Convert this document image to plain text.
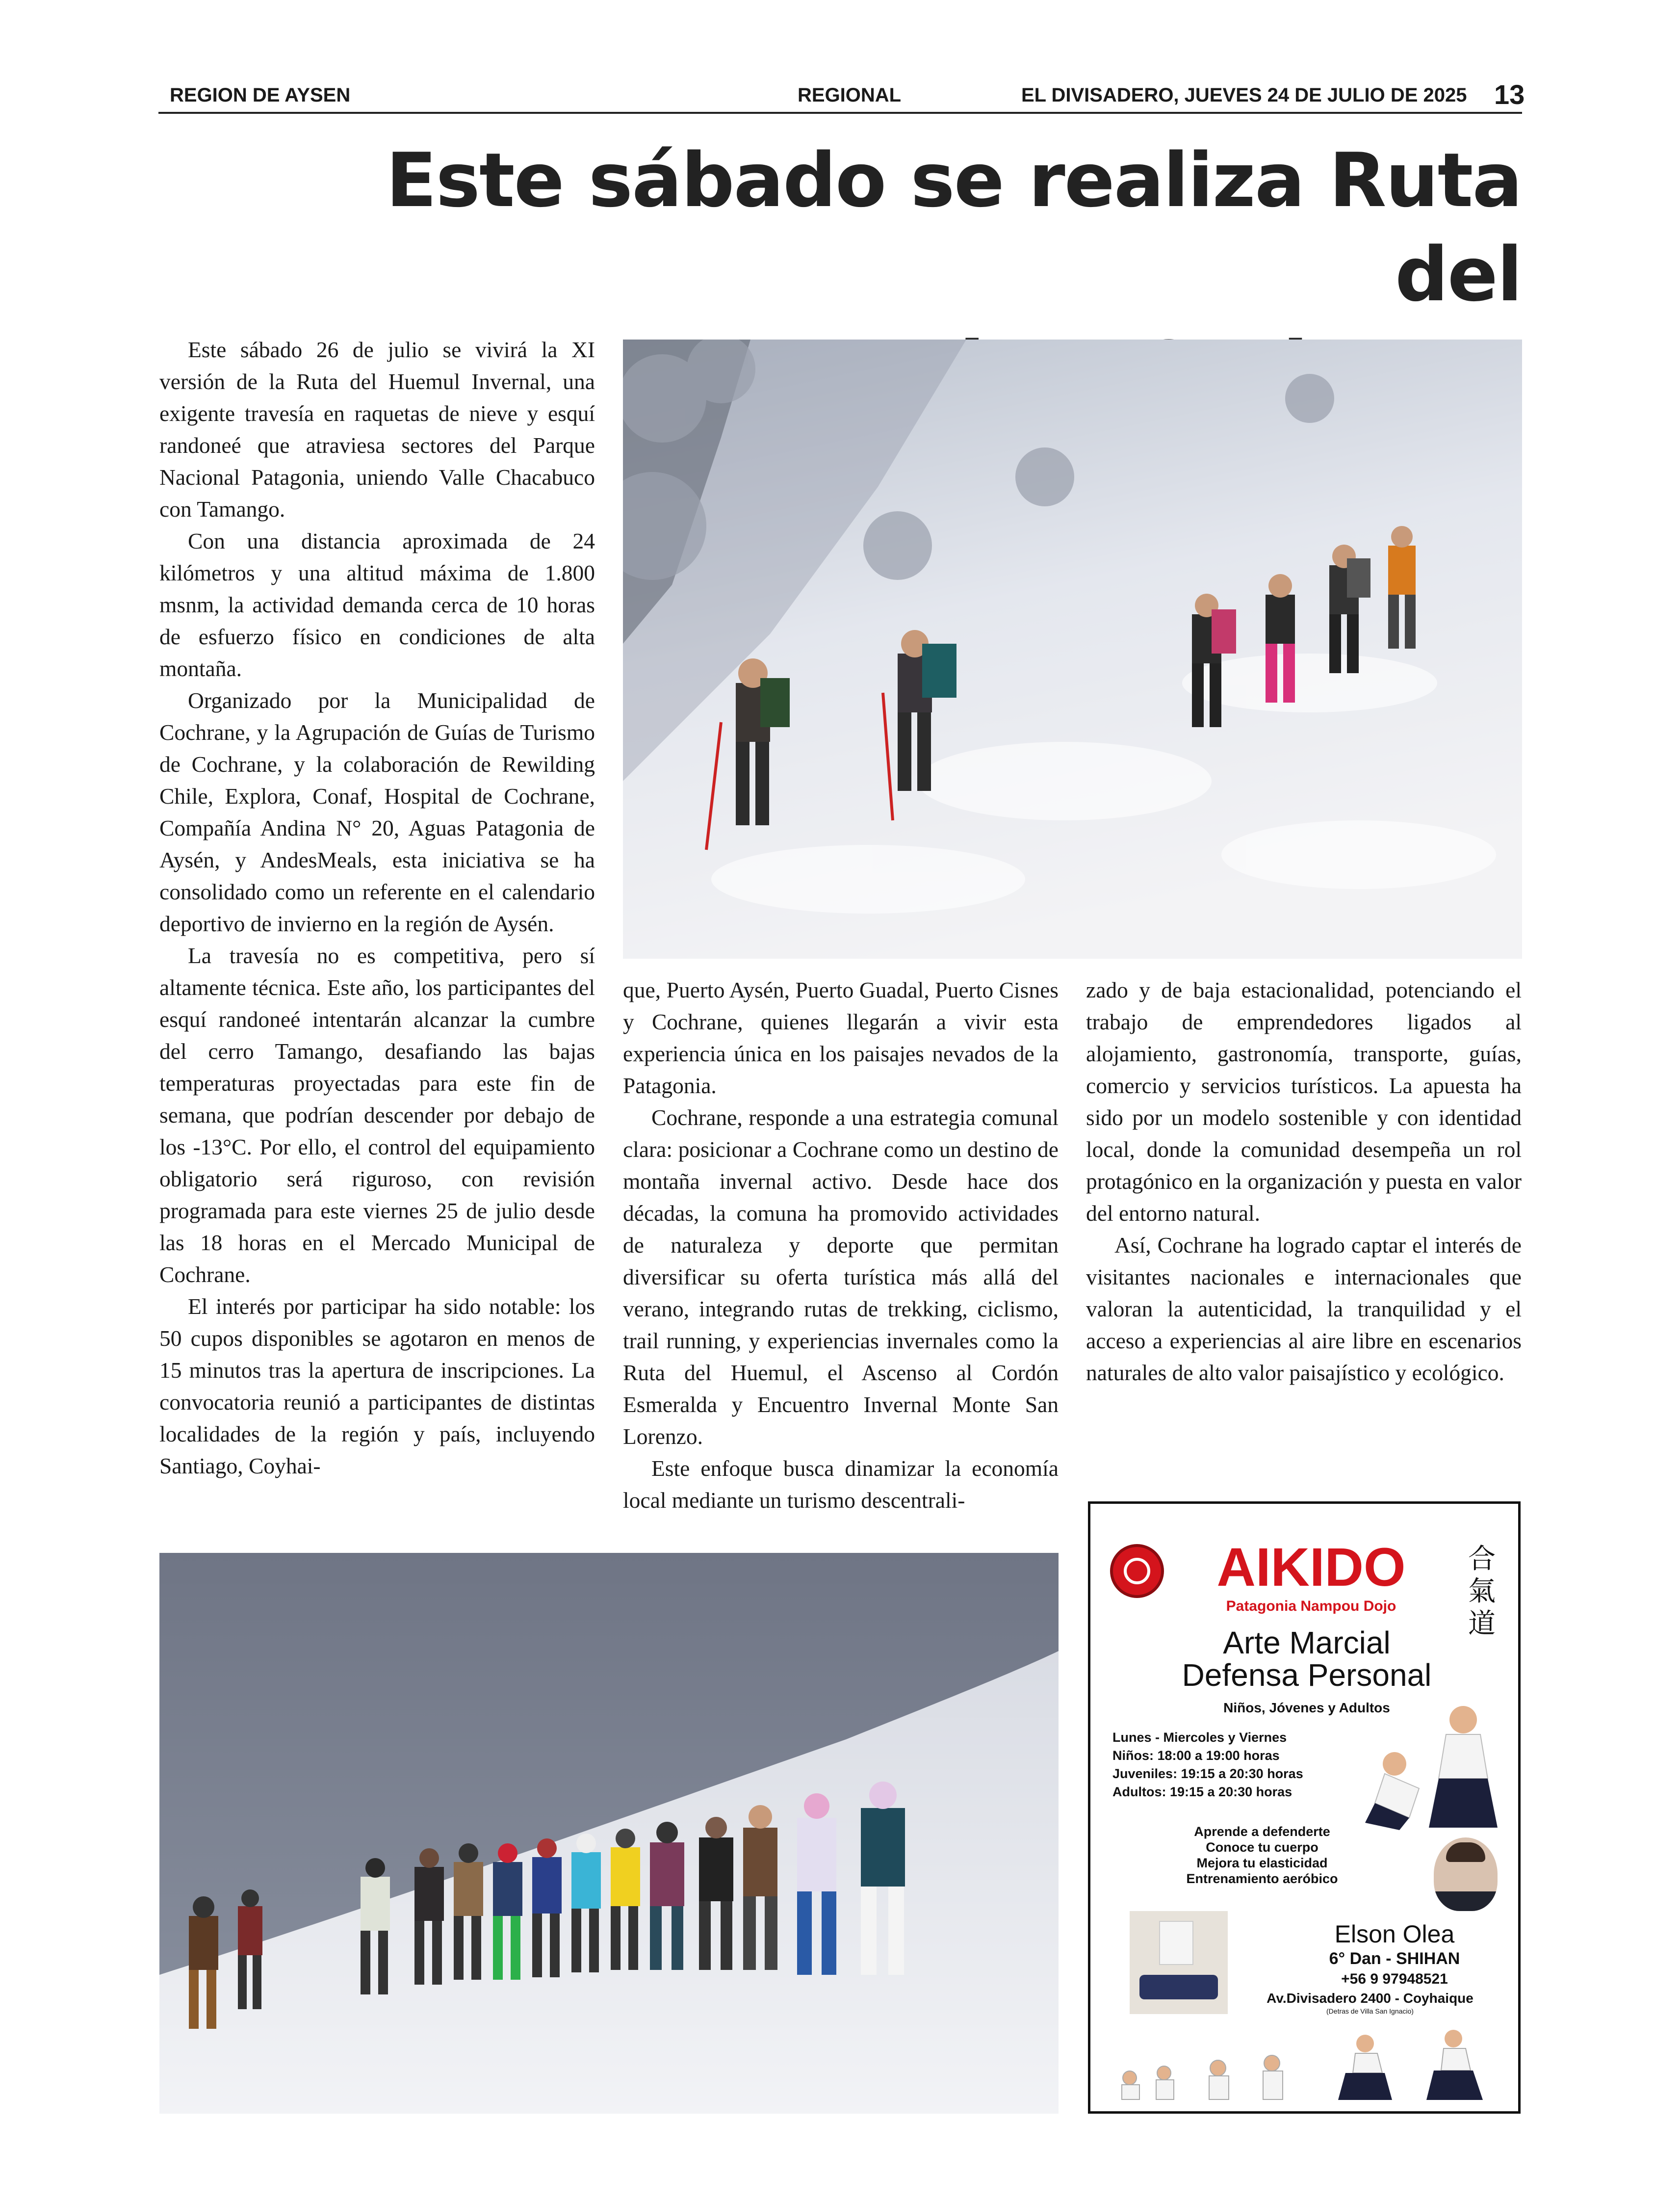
REGION DE AYSEN	REGIONAL	EL DIVISADERO, JUEVES 24 DE JULIO DE 2025 13
Este sábado se realiza Ruta del

Este sábado 26 de julio se vivirá la XI versión de la Ruta del Huemul Invernal, una exigente travesía en raquetas de nieve y esquí randoneé que atraviesa sectores del Parque Nacional Patagonia, uniendo Valle Chacabuco con Tamango.

Con una distancia aproximada de 24 kilómetros y una altitud máxima de 1.800 msnm, la actividad demanda cerca de 10 horas de esfuerzo físico en condiciones de alta montaña.

Organizado por la Municipalidad de Cochrane, y la Agrupación de Guías de Turismo de Cochrane, y la colaboración de Rewilding Chile, Explora, Conaf, Hospital de Cochrane, Compañía Andina N° 20, Aguas Patagonia de Aysén, y AndesMeals, esta iniciativa se ha consolidado como un referente en el calendario deportivo de invierno en la región de Aysén.

La travesía no es competitiva, pero sí altamente técnica. Este año, los participantes del esquí randoneé intentarán alcanzar la cumbre del cerro Tamango, desafiando las bajas temperaturas proyectadas para este fin de semana, que podrían descender por debajo de los -13°C. Por ello, el control del equipamiento obligatorio será riguroso, con revisión programada para este viernes 25 de julio desde las 18 horas en el Mercado Municipal de Cochrane.

El interés por participar ha sido notable: los 50 cupos disponibles se agotaron en menos de 15 minutos tras la apertura de inscripciones. La convocatoria reunió a participantes de distintas localidades de la región y país, incluyendo Santiago, Coyhai-

que, Puerto Aysén, Puerto Guadal, Puerto Cisnes y Cochrane, quienes llegarán a vivir esta experiencia única en los paisajes nevados de la Patagonia.

Cochrane, responde a una estrategia comunal clara: posicionar a Cochrane como un destino de montaña invernal activo. Desde hace dos décadas, la comuna ha promovido actividades de naturaleza y deporte que permitan diversificar su oferta turística más allá del verano, integrando rutas de trekking, ciclismo, trail running, y experiencias invernales como la Ruta del Huemul, el Ascenso al Cordón Esmeralda y Encuentro Invernal Monte San Lorenzo.

Este enfoque busca dinamizar la economía local mediante un turismo descentrali-

zado y de baja estacionalidad, potenciando el trabajo de emprendedores ligados al alojamiento, gastronomía, transporte, guías, comercio y servicios turísticos. La apuesta ha sido por un modelo sostenible y con identidad local, donde la comunidad desempeña un rol protagónico en la organización y puesta en valor del entorno natural.

Así, Cochrane ha logrado captar el interés de visitantes nacionales e internacionales que valoran la autenticidad, la tranquilidad y el acceso a experiencias al aire libre en escenarios naturales de alto valor paisajístico y ecológico.

AIKIDO
Patagonia Nampou Dojo
合氣道
Arte Marcial
Defensa Personal
Niños, Jóvenes y Adultos
Lunes - Miercoles y Viernes
Niños: 18:00 a 19:00 horas
Juveniles: 19:15 a 20:30 horas
Adultos: 19:15 a 20:30 horas
Aprende a defenderte
Conoce tu cuerpo
Mejora tu elasticidad
Entrenamiento aeróbico
Elson Olea
6° Dan - SHIHAN
+56 9 97948521
Av.Divisadero 2400 - Coyhaique
(Detras de Villa San Ignacio)
